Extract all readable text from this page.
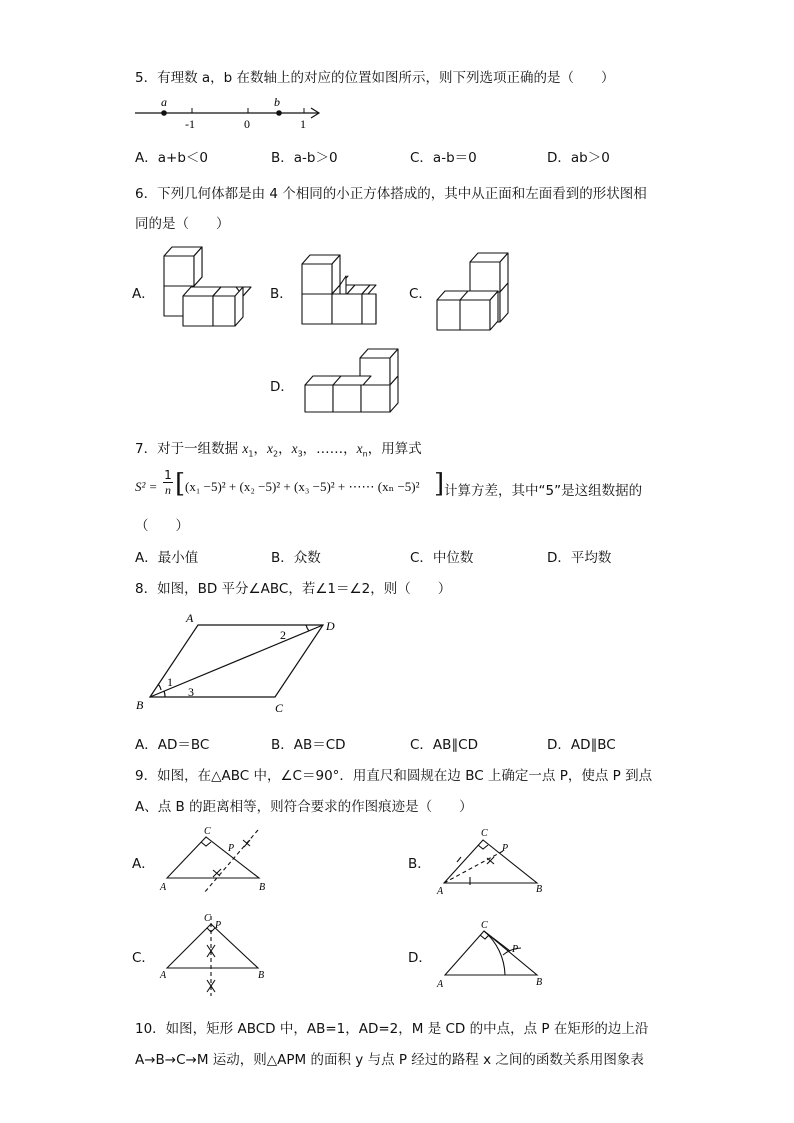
5．有理数 a，b 在数轴上的对应的位置如图所示，则下列选项正确的是（　　）
a	b
-1	0	1
A．a+b＜0	B．a-b＞0	C．a-b＝0	D．ab＞0
6．下列几何体都是由 4 个相同的小正方体搭成的，其中从正面和左面看到的形状图相
同的是（　　）
A．	B．	C．
D．
7．对于一组数据 $x_1$，$x_2$，$x_3$，……，$x_n$，用算式
$S^2 = \frac{1}{n}$ [ (x₁ −5)² + (x₂ −5)² + (x₃ −5)² + ⋯⋯ (xₙ −5)² ] 计算方差，其中“5”是这组数据的
（　　）
A．最小值	B．众数	C．中位数	D．平均数
8．如图，BD 平分∠ABC，若∠1＝∠2，则（　　）
A
B	C
D
1
2
3
A．AD＝BC	B．AB＝CD	C．AB∥CD	D．AD∥BC
9．如图，在△ABC 中，∠C＝90°．用直尺和圆规在边 BC 上确定一点 P，使点 P 到点
A、点 B 的距离相等，则符合要求的作图痕迹是（　　）
A．	B．
C．	D．
C
P
A	B
C
P
A	B
C
P
A	B
C
P
A	B
10．如图，矩形 ABCD 中，AB=1，AD=2，M 是 CD 的中点，点 P 在矩形的边上沿
A→B→C→M 运动，则△APM 的面积 y 与点 P 经过的路程 x 之间的函数关系用图象表
